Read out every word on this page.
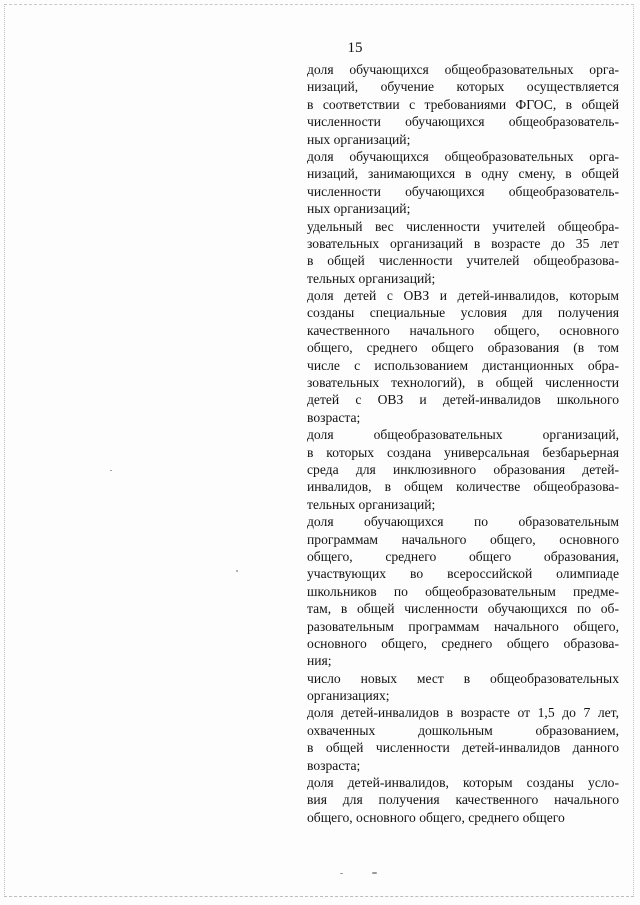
15
доля обучающихся общеобразовательных орга-
низаций, обучение которых осуществляется
в соответствии с требованиями ФГОС, в общей
численности обучающихся общеобразователь-
ных организаций;
доля обучающихся общеобразовательных орга-
низаций, занимающихся в одну смену, в общей
численности обучающихся общеобразователь-
ных организаций;
удельный вес численности учителей общеобра-
зовательных организаций в возрасте до 35 лет
в общей численности учителей общеобразова-
тельных организаций;
доля детей с ОВЗ и детей-инвалидов, которым
созданы специальные условия для получения
качественного начального общего, основного
общего, среднего общего образования (в том
числе с использованием дистанционных обра-
зовательных технологий), в общей численности
детей с ОВЗ и детей-инвалидов школьного
возраста;
доля общеобразовательных организаций,
в которых создана универсальная безбарьерная
среда для инклюзивного образования детей-
инвалидов, в общем количестве общеобразова-
тельных организаций;
доля обучающихся по образовательным
программам начального общего, основного
общего, среднего общего образования,
участвующих во всероссийской олимпиаде
школьников по общеобразовательным предме-
там, в общей численности обучающихся по об-
разовательным программам начального общего,
основного общего, среднего общего образова-
ния;
число новых мест в общеобразовательных
организациях;
доля детей-инвалидов в возрасте от 1,5 до 7 лет,
охваченных дошкольным образованием,
в общей численности детей-инвалидов данного
возраста;
доля детей-инвалидов, которым созданы усло-
вия для получения качественного начального
общего, основного общего, среднего общего
